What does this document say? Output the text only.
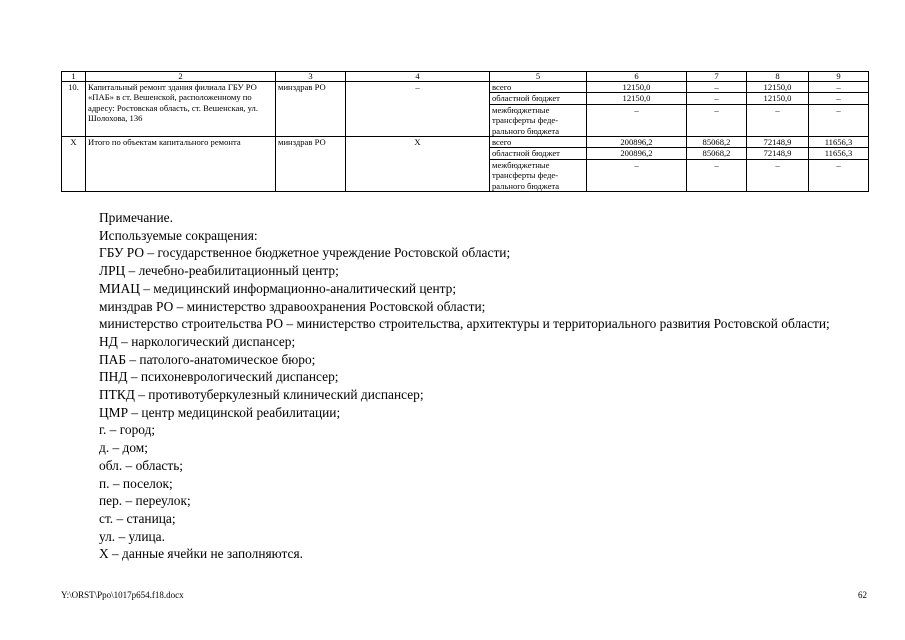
1	2	3	4	5	6	7	8	9
10.	Капитальный ремонт здания филиала ГБУ РО «ПАБ» в ст. Вешенской, расположенному по адресу: Ростовская область, ст. Вешенская, ул. Шолохова, 136	минздрав РО	–	всего	12150,0	–	12150,0	–
				областной бюджет	12150,0	–	12150,0	–
				межбюджетные трансферты феде-рального бюджета	–	–	–	–
X	Итого по объектам капитального ремонта	минздрав РО	X	всего	200896,2	85068,2	72148,9	11656,3
				областной бюджет	200896,2	85068,2	72148,9	11656,3
				межбюджетные трансферты феде-рального бюджета	–	–	–	–

Примечание.

Используемые сокращения:

ГБУ РО – государственное бюджетное учреждение Ростовской области;

ЛРЦ – лечебно-реабилитационный центр;

МИАЦ – медицинский информационно-аналитический центр;

минздрав РО – министерство здравоохранения Ростовской области;

министерство строительства РО – министерство строительства, архитектуры и территориального развития Ростовской области;

НД – наркологический диспансер;

ПАБ – патолого-анатомическое бюро;

ПНД – психоневрологический диспансер;

ПТКД – противотуберкулезный клинический диспансер;

ЦМР – центр медицинской реабилитации;

г. – город;

д. – дом;

обл. – область;

п. – поселок;

пер. – переулок;

ст. – станица;

ул. – улица.

Х – данные ячейки не заполняются.

Y:\ORST\Ppo\1017p654.f18.docx	62
